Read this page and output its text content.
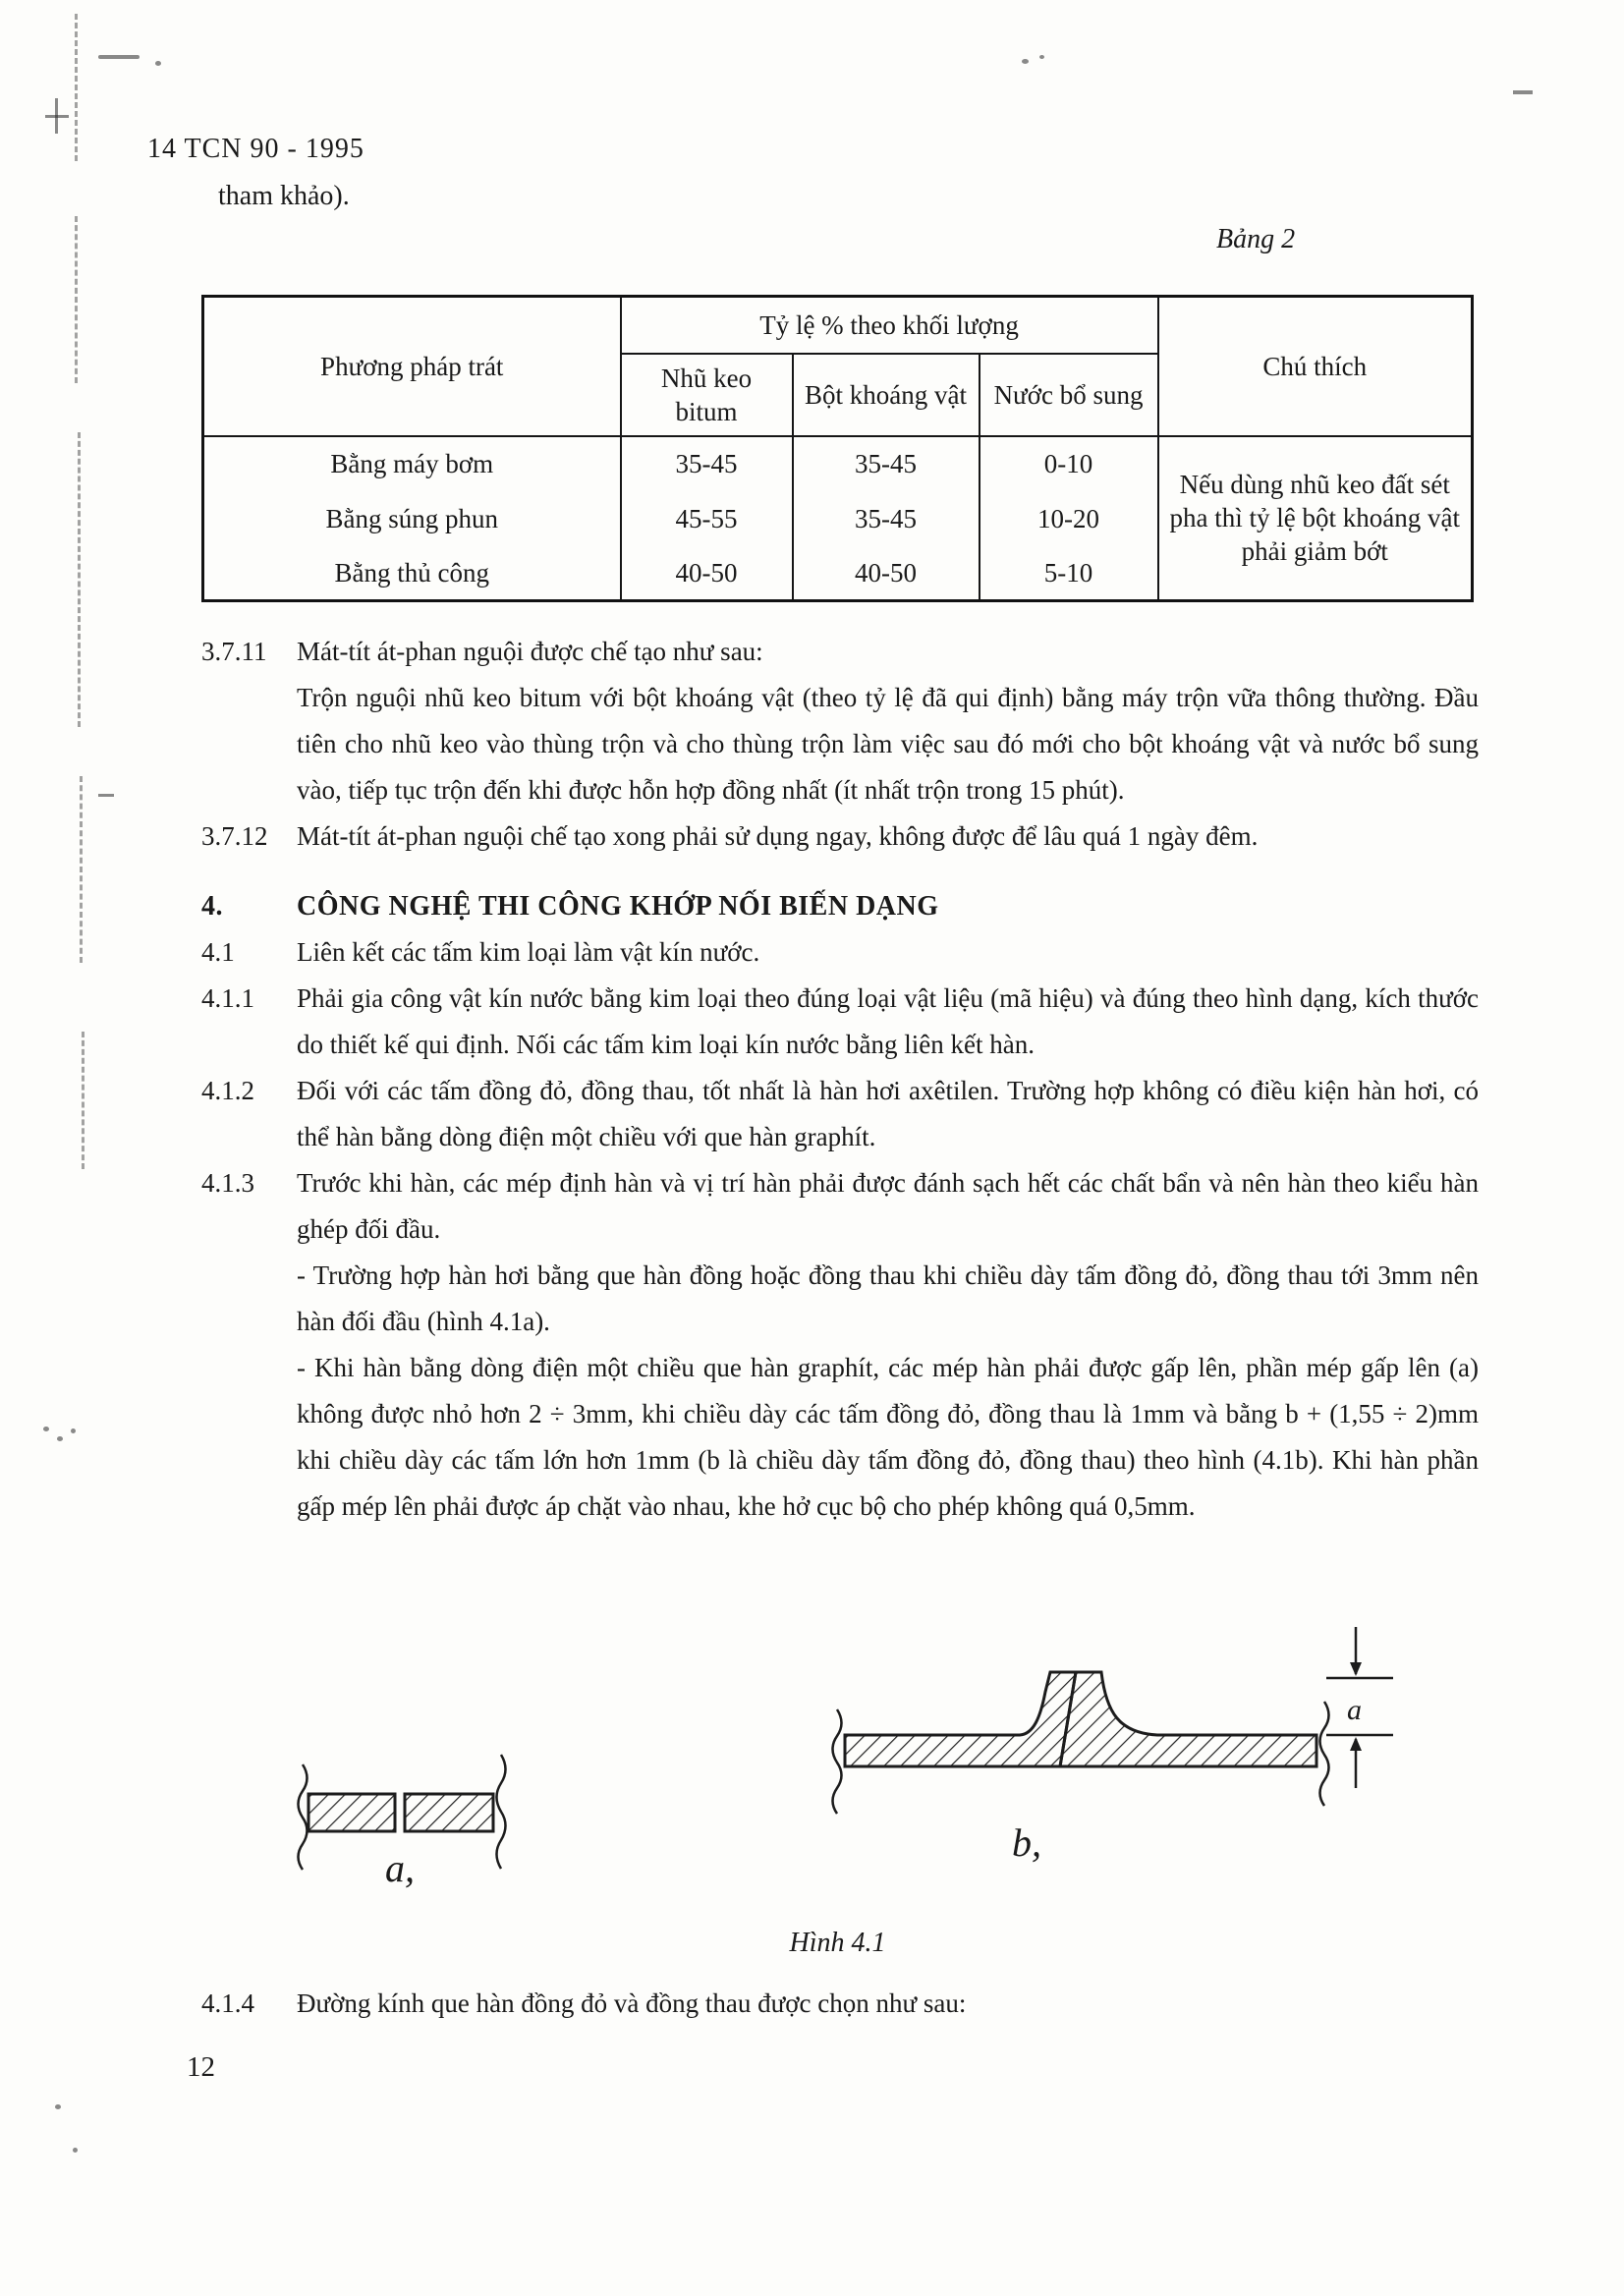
14 TCN 90 - 1995
tham khảo).
Bảng 2
Phương pháp trát	Tỷ lệ % theo khối lượng			Chú thích
	Nhũ keo bitum	Bột khoáng vật	Nước bổ sung	
Bằng máy bơm	35-45	35-45	0-10	Nếu dùng nhũ keo đất sét pha thì tỷ lệ bột khoáng vật phải giảm bớt
Bằng súng phun	45-55	35-45	10-20	
Bằng thủ công	40-50	40-50	5-10	
3.7.11	Mát-tít át-phan nguội được chế tạo như sau:
Trộn nguội nhũ keo bitum với bột khoáng vật (theo tỷ lệ đã qui định) bằng máy trộn vữa thông thường. Đầu tiên cho nhũ keo vào thùng trộn và cho thùng trộn làm việc sau đó mới cho bột khoáng vật và nước bổ sung vào, tiếp tục trộn đến khi được hỗn hợp đồng nhất (ít nhất trộn trong 15 phút).
3.7.12	Mát-tít át-phan nguội chế tạo xong phải sử dụng ngay, không được để lâu quá 1 ngày đêm.
4.	CÔNG NGHỆ THI CÔNG KHỚP NỐI BIẾN DẠNG
4.1	Liên kết các tấm kim loại làm vật kín nước.
4.1.1	Phải gia công vật kín nước bằng kim loại theo đúng loại vật liệu (mã hiệu) và đúng theo hình dạng, kích thước do thiết kế qui định. Nối các tấm kim loại kín nước bằng liên kết hàn.
4.1.2	Đối với các tấm đồng đỏ, đồng thau, tốt nhất là hàn hơi axêtilen. Trường hợp không có điều kiện hàn hơi, có thể hàn bằng dòng điện một chiều với que hàn graphít.
4.1.3	Trước khi hàn, các mép định hàn và vị trí hàn phải được đánh sạch hết các chất bẩn và nên hàn theo kiểu hàn ghép đối đầu.
- Trường hợp hàn hơi bằng que hàn đồng hoặc đồng thau khi chiều dày tấm đồng đỏ, đồng thau tới 3mm nên hàn đối đầu (hình 4.1a).
- Khi hàn bằng dòng điện một chiều que hàn graphít, các mép hàn phải được gấp lên, phần mép gấp lên (a) không được nhỏ hơn 2 ÷ 3mm, khi chiều dày các tấm đồng đỏ, đồng thau là 1mm và bằng b + (1,55 ÷ 2)mm khi chiều dày các tấm lớn hơn 1mm (b là chiều dày tấm đồng đỏ, đồng thau) theo hình (4.1b). Khi hàn phần gấp mép lên phải được áp chặt vào nhau, khe hở cục bộ cho phép không quá 0,5mm.
a,
a
b,
Hình 4.1
4.1.4	Đường kính que hàn đồng đỏ và đồng thau được chọn như sau:
12
